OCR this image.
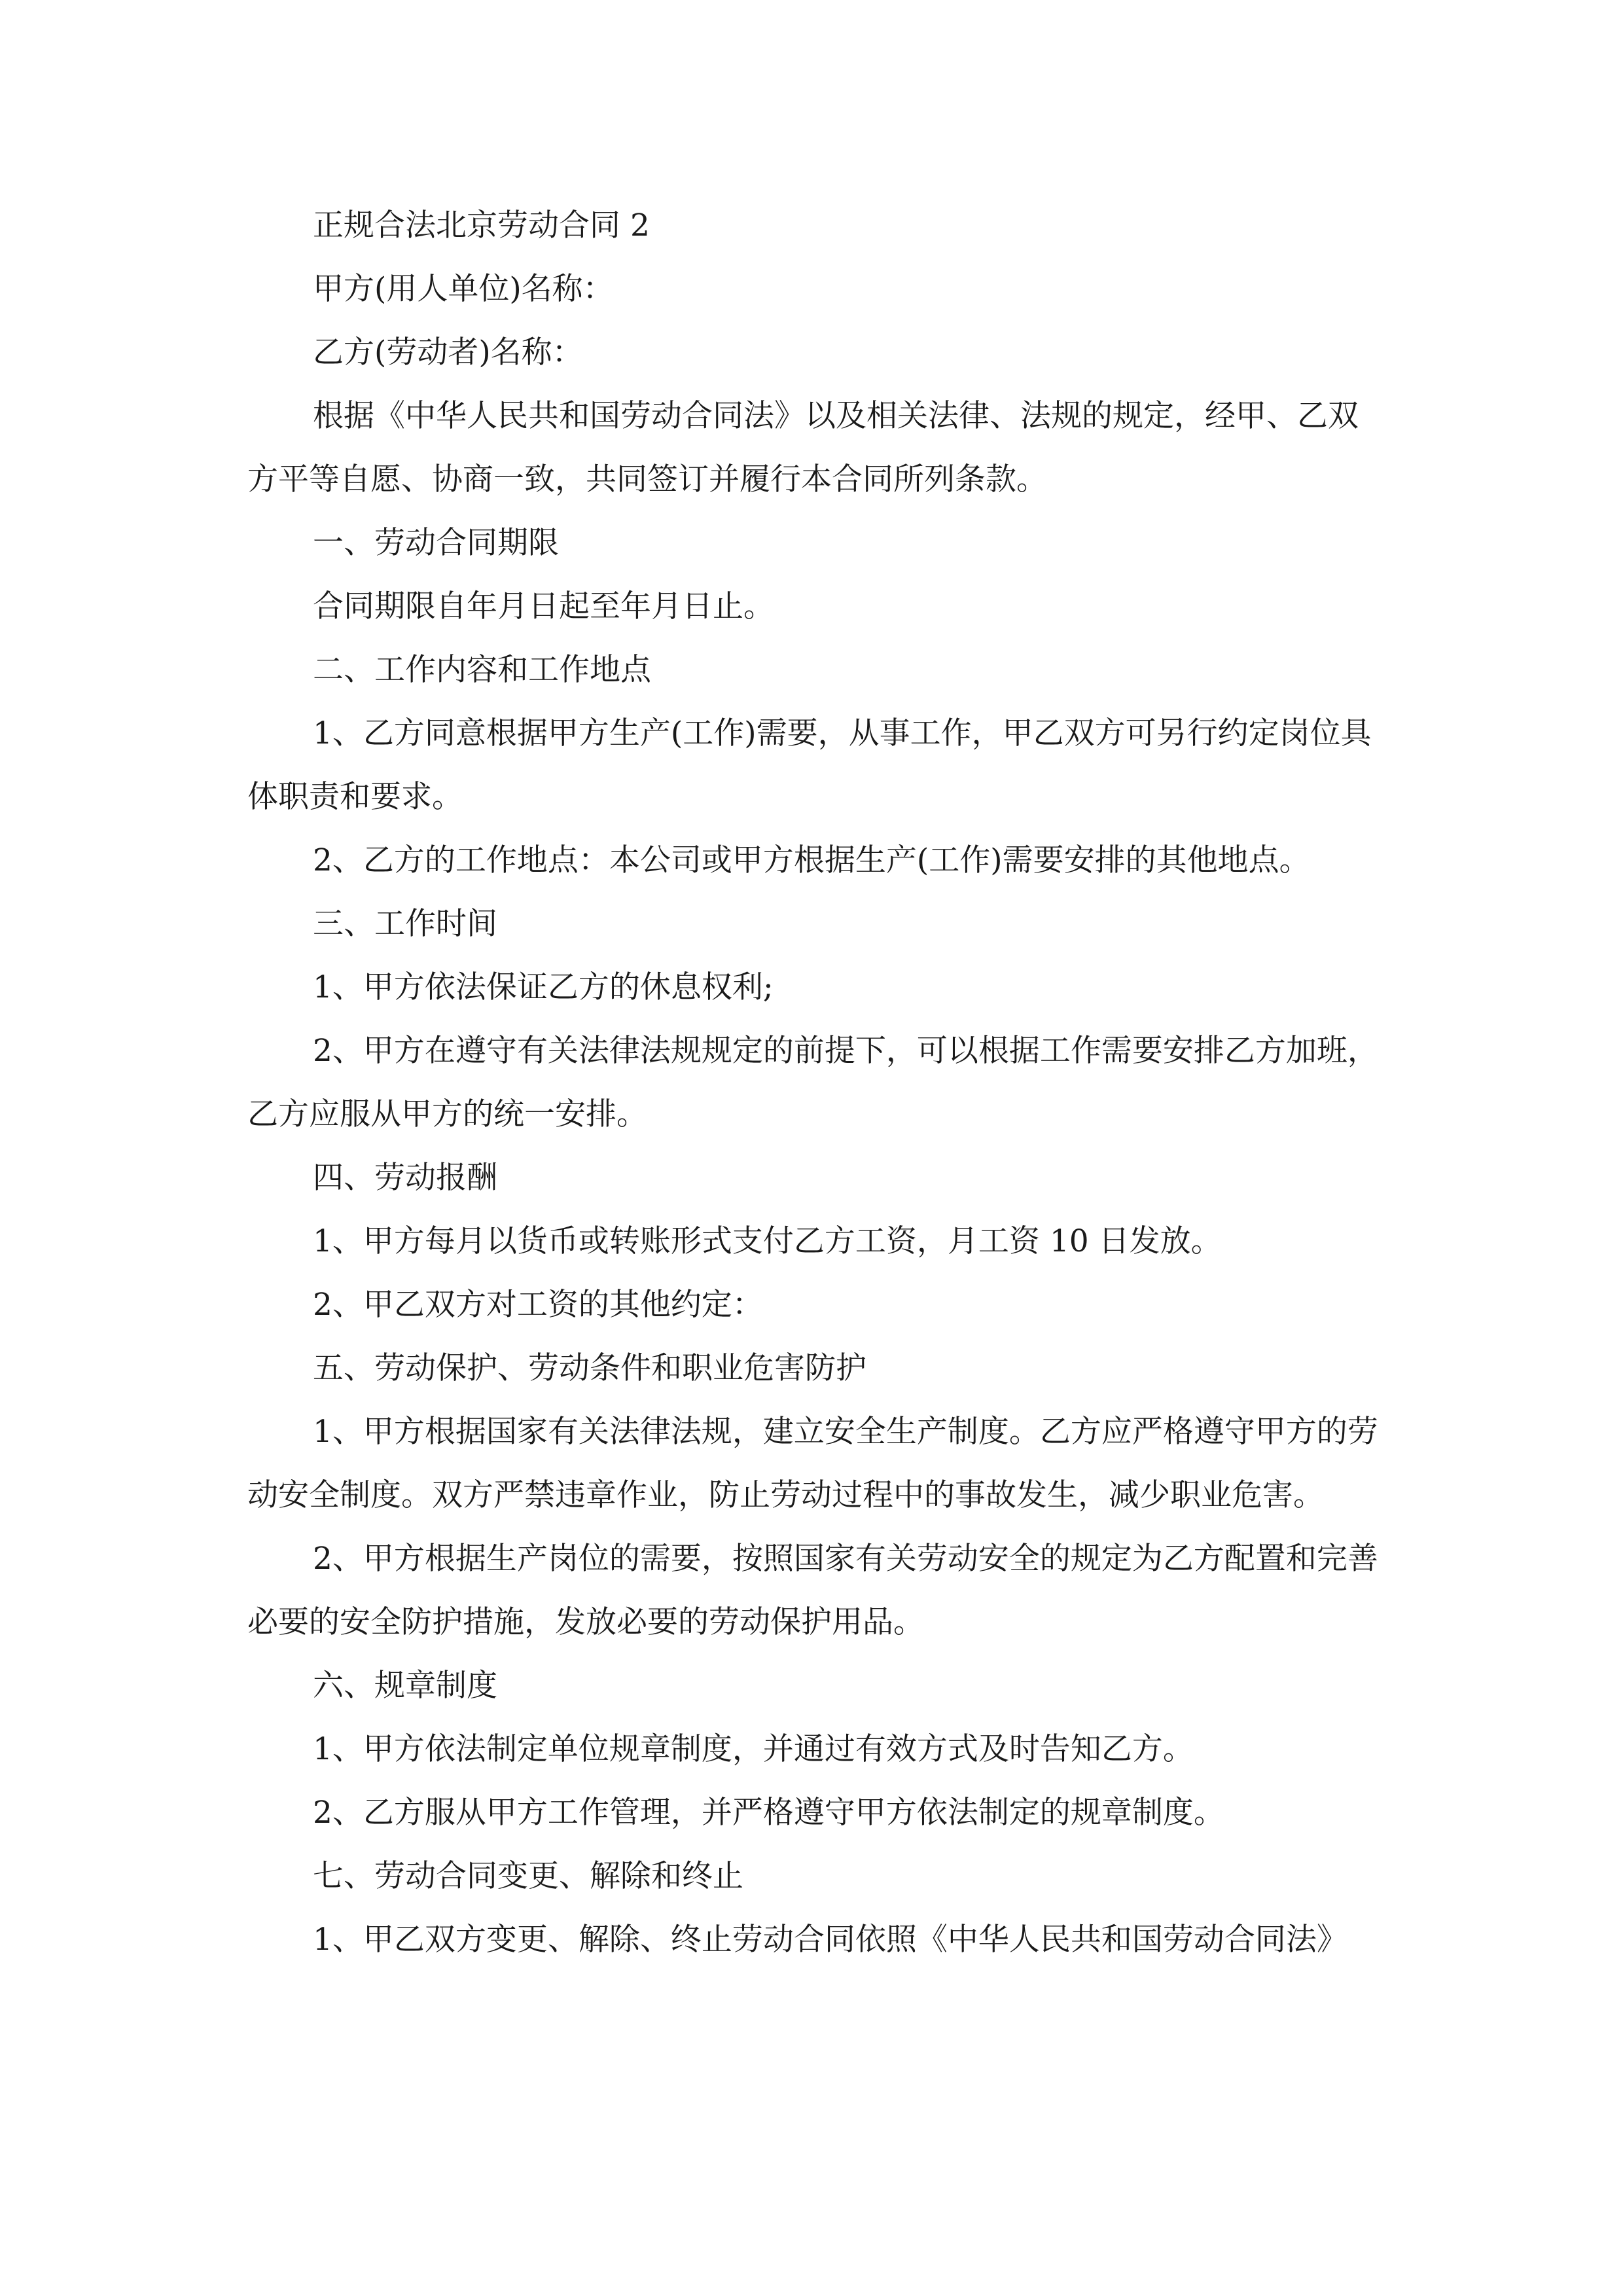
正规合法北京劳动合同 2

甲方(用人单位)名称：

乙方(劳动者)名称：

根据《中华人民共和国劳动合同法》以及相关法律、法规的规定，经甲、乙双方平等自愿、协商一致，共同签订并履行本合同所列条款。

一、劳动合同期限

合同期限自年月日起至年月日止。

二、工作内容和工作地点

1、乙方同意根据甲方生产(工作)需要，从事工作，甲乙双方可另行约定岗位具体职责和要求。

2、乙方的工作地点：本公司或甲方根据生产(工作)需要安排的其他地点。

三、工作时间

1、甲方依法保证乙方的休息权利;

2、甲方在遵守有关法律法规规定的前提下，可以根据工作需要安排乙方加班，乙方应服从甲方的统一安排。

四、劳动报酬

1、甲方每月以货币或转账形式支付乙方工资，月工资 10 日发放。

2、甲乙双方对工资的其他约定：

五、劳动保护、劳动条件和职业危害防护

1、甲方根据国家有关法律法规，建立安全生产制度。乙方应严格遵守甲方的劳动安全制度。双方严禁违章作业，防止劳动过程中的事故发生，减少职业危害。

2、甲方根据生产岗位的需要，按照国家有关劳动安全的规定为乙方配置和完善必要的安全防护措施，发放必要的劳动保护用品。

六、规章制度

1、甲方依法制定单位规章制度，并通过有效方式及时告知乙方。

2、乙方服从甲方工作管理，并严格遵守甲方依法制定的规章制度。

七、劳动合同变更、解除和终止

1、甲乙双方变更、解除、终止劳动合同依照《中华人民共和国劳动合同法》
